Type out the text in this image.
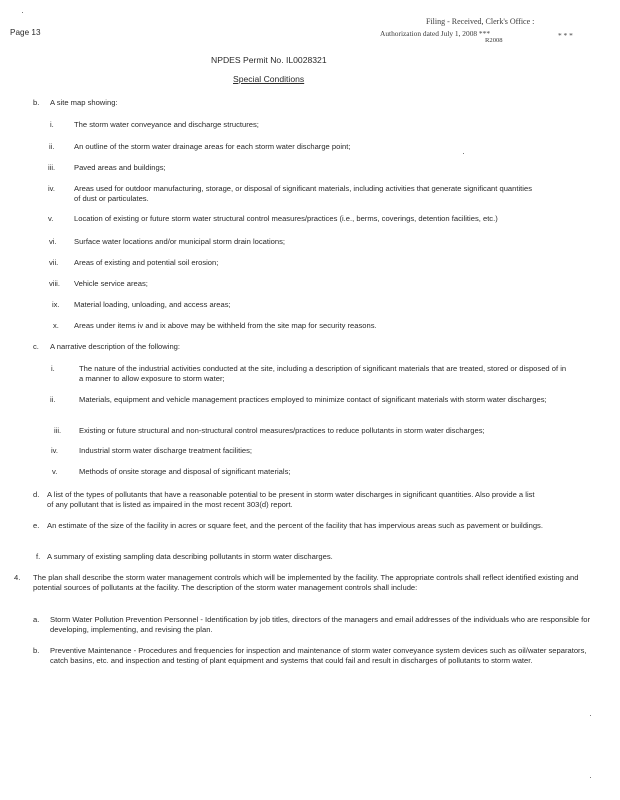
Filing - Received, Clerk's Office :
Page 13	Authorization dated July 1, 2008 ***
R2008
* * *
NPDES Permit No. IL0028321
Special Conditions
b. A site map showing:
i.	The storm water conveyance and discharge structures;
ii.	An outline of the storm water drainage areas for each storm water discharge point;
iii. Paved areas and buildings;
iv. Areas used for outdoor manufacturing, storage, or disposal of significant materials, including activities that generate significant quantities of dust or particulates.
v.	Location of existing or future storm water structural control measures/practices (i.e., berms, coverings, detention facilities, etc.)
vi. Surface water locations and/or municipal storm drain locations;
vii. Areas of existing and potential soil erosion;
viii. Vehicle service areas;
ix. Material loading, unloading, and access areas;
x. Areas under items iv and ix above may be withheld from the site map for security reasons.
c. A narrative description of the following:
i.	The nature of the industrial activities conducted at the site, including a description of significant materials that are treated, stored or disposed of in a manner to allow exposure to storm water;
ii.	Materials, equipment and vehicle management practices employed to minimize contact of significant materials with storm water discharges;
iii. Existing or future structural and non-structural control measures/practices to reduce pollutants in storm water discharges;
iv.	Industrial storm water discharge treatment facilities;
v.	Methods of onsite storage and disposal of significant materials;
d. A list of the types of pollutants that have a reasonable potential to be present in storm water discharges in significant quantities. Also provide a list of any pollutant that is listed as impaired in the most recent 303(d) report.
e. An estimate of the size of the facility in acres or square feet, and the percent of the facility that has impervious areas such as pavement or buildings.
f. A summary of existing sampling data describing pollutants in storm water discharges.
4. The plan shall describe the storm water management controls which will be implemented by the facility. The appropriate controls shall reflect identified existing and potential sources of pollutants at the facility. The description of the storm water management controls shall include:
a. Storm Water Pollution Prevention Personnel - Identification by job titles, directors of the managers and email addresses of the individuals who are responsible for developing, implementing, and revising the plan.
b. Preventive Maintenance - Procedures and frequencies for inspection and maintenance of storm water conveyance system devices such as oil/water separators, catch basins, etc. and inspection and testing of plant equipment and systems that could fail and result in discharges of pollutants to storm water.
